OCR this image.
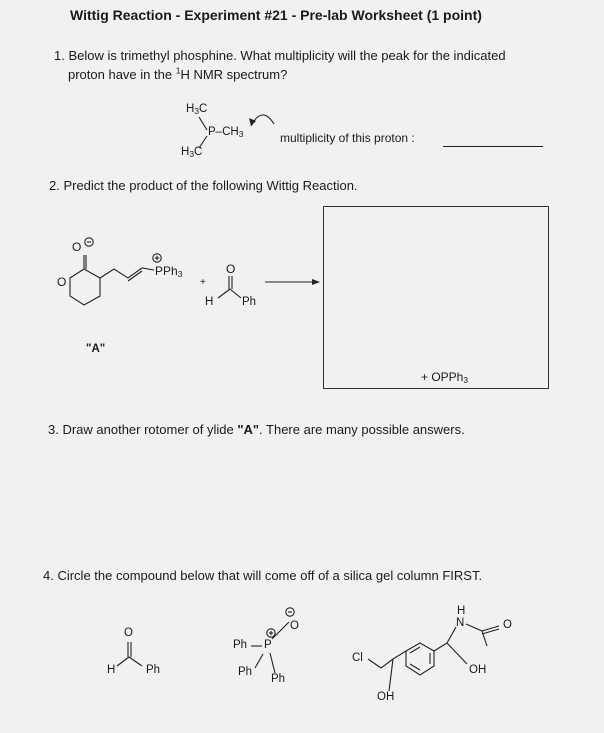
Wittig Reaction - Experiment #21 - Pre-lab Worksheet (1 point)
1. Below is trimethyl phosphine. What multiplicity will the peak for the indicated
proton have in the $^1$H NMR spectrum?
$H_3C$
$P-CH_3$
$H_3C$
multiplicity of this proton :
2. Predict the product of the following Wittig Reaction.
O
O
PPh$_3$
+
O
H Ph
"A"
+ OPPh$_3$
3. Draw another rotomer of ylide "A". There are many possible answers.
4. Circle the compound below that will come off of a silica gel column FIRST.
O
H	Ph
O
Ph P
Ph
Ph
Cl
OH
H
N	O
OH
